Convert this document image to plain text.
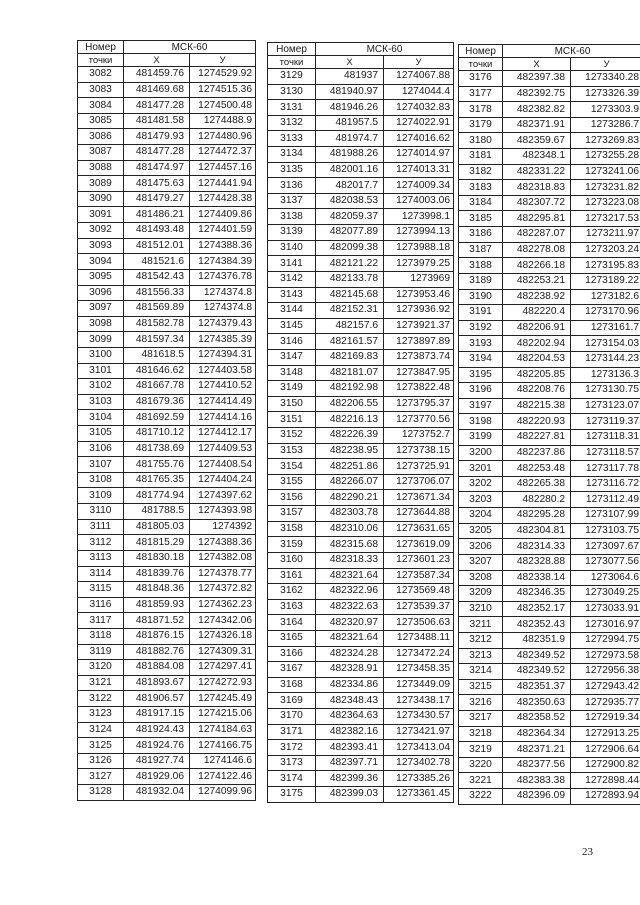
Номер	МСК-60	
точки	X	У
3082	481459.76	1274529.92
3083	481469.68	1274515.36
3084	481477.28	1274500.48
3085	481481.58	1274488.9
3086	481479.93	1274480.96
3087	481477.28	1274472.37
3088	481474.97	1274457.16
3089	481475.63	1274441.94
3090	481479.27	1274428.38
3091	481486.21	1274409.86
3092	481493.48	1274401.59
3093	481512.01	1274388.36
3094	481521.6	1274384.39
3095	481542.43	1274376.78
3096	481556.33	1274374.8
3097	481569.89	1274374.8
3098	481582.78	1274379.43
3099	481597.34	1274385.39
3100	481618.5	1274394.31
3101	481646.62	1274403.58
3102	481667.78	1274410.52
3103	481679.36	1274414.49
3104	481692.59	1274414.16
3105	481710.12	1274412.17
3106	481738.69	1274409.53
3107	481755.76	1274408.54
3108	481765.35	1274404.24
3109	481774.94	1274397.62
3110	481788.5	1274393.98
3111	481805.03	1274392
3112	481815.29	1274388.36
3113	481830.18	1274382.08
3114	481839.76	1274378.77
3115	481848.36	1274372.82
3116	481859.93	1274362.23
3117	481871.52	1274342.06
3118	481876.15	1274326.18
3119	481882.76	1274309.31
3120	481884.08	1274297.41
3121	481893.67	1274272.93
3122	481906.57	1274245.49
3123	481917.15	1274215.06
3124	481924.43	1274184.63
3125	481924.76	1274166.75
3126	481927.74	1274146.6
3127	481929.06	1274122.46
3128	481932.04	1274099.96
Номер	МСК-60	
точки	X	У
3129	481937	1274067.88
3130	481940.97	1274044.4
3131	481946.26	1274032.83
3132	481957.5	1274022.91
3133	481974.7	1274016.62
3134	481988.26	1274014.97
3135	482001.16	1274013.31
3136	482017.7	1274009.34
3137	482038.53	1274003.06
3138	482059.37	1273998.1
3139	482077.89	1273994.13
3140	482099.38	1273988.18
3141	482121.22	1273979.25
3142	482133.78	1273969
3143	482145.68	1273953.46
3144	482152.31	1273936.92
3145	482157.6	1273921.37
3146	482161.57	1273897.89
3147	482169.83	1273873.74
3148	482181.07	1273847.95
3149	482192.98	1273822.48
3150	482206.55	1273795.37
3151	482216.13	1273770.56
3152	482226.39	1273752.7
3153	482238.95	1273738.15
3154	482251.86	1273725.91
3155	482266.07	1273706.07
3156	482290.21	1273671.34
3157	482303.78	1273644.88
3158	482310.06	1273631.65
3159	482315.68	1273619.09
3160	482318.33	1273601.23
3161	482321.64	1273587.34
3162	482322.96	1273569.48
3163	482322.63	1273539.37
3164	482320.97	1273506.63
3165	482321.64	1273488.11
3166	482324.28	1273472.24
3167	482328.91	1273458.35
3168	482334.86	1273449.09
3169	482348.43	1273438.17
3170	482364.63	1273430.57
3171	482382.16	1273421.97
3172	482393.41	1273413.04
3173	482397.71	1273402.78
3174	482399.36	1273385.26
3175	482399.03	1273361.45
Номер	МСК-60	
точки	X	У
3176	482397.38	1273340.28
3177	482392.75	1273326.39
3178	482382.82	1273303.9
3179	482371.91	1273286.7
3180	482359.67	1273269.83
3181	482348.1	1273255.28
3182	482331.22	1273241.06
3183	482318.83	1273231.82
3184	482307.72	1273223.08
3185	482295.81	1273217.53
3186	482287.07	1273211.97
3187	482278.08	1273203.24
3188	482266.18	1273195.83
3189	482253.21	1273189.22
3190	482238.92	1273182.6
3191	482220.4	1273170.96
3192	482206.91	1273161.7
3193	482202.94	1273154.03
3194	482204.53	1273144.23
3195	482205.85	1273136.3
3196	482208.76	1273130.75
3197	482215.38	1273123.07
3198	482220.93	1273119.37
3199	482227.81	1273118.31
3200	482237.86	1273118.57
3201	482253.48	1273117.78
3202	482265.38	1273116.72
3203	482280.2	1273112.49
3204	482295.28	1273107.99
3205	482304.81	1273103.75
3206	482314.33	1273097.67
3207	482328.88	1273077.56
3208	482338.14	1273064.6
3209	482346.35	1273049.25
3210	482352.17	1273033.91
3211	482352.43	1273016.97
3212	482351.9	1272994.75
3213	482349.52	1272973.58
3214	482349.52	1272956.38
3215	482351.37	1272943.42
3216	482350.63	1272935.77
3217	482358.52	1272919.34
3218	482364.34	1272913.25
3219	482371.21	1272906.64
3220	482377.56	1272900.82
3221	482383.38	1272898.44
3222	482396.09	1272893.94
23
